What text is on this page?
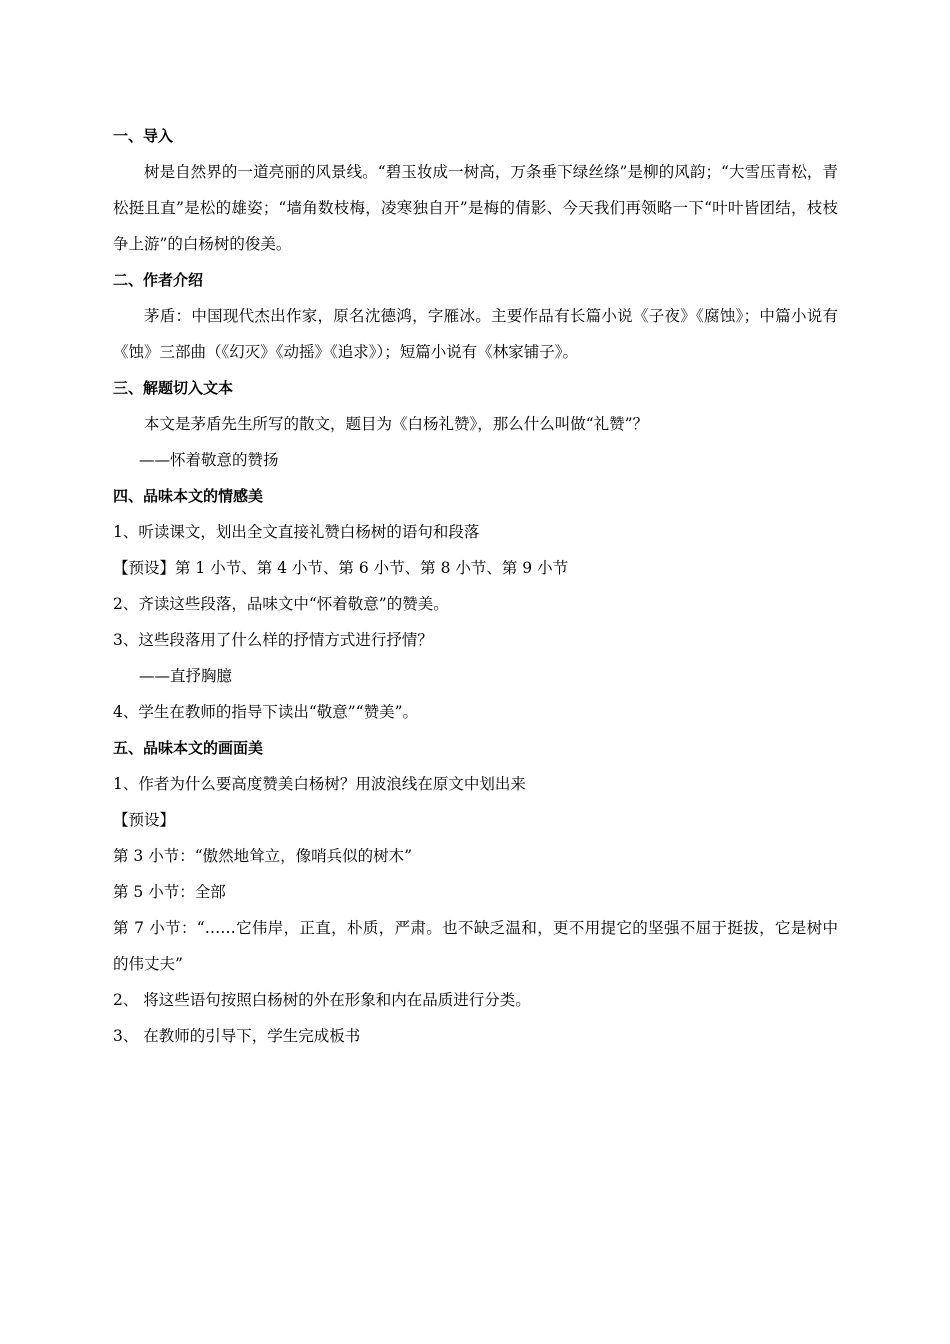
一、导入
树是自然界的一道亮丽的风景线。“碧玉妆成一树高，万条垂下绿丝绦”是柳的风韵；“大雪压青松，青松挺且直”是松的雄姿；“墙角数枝梅，凌寒独自开”是梅的倩影、今天我们再领略一下“叶叶皆团结，枝枝争上游”的白杨树的俊美。
二、作者介绍
茅盾：中国现代杰出作家，原名沈德鸿，字雁冰。主要作品有长篇小说《子夜》《腐蚀》；中篇小说有《蚀》三部曲（《幻灭》《动摇》《追求》）；短篇小说有《林家铺子》。
三、解题切入文本
本文是茅盾先生所写的散文，题目为《白杨礼赞》，那么什么叫做“礼赞”？
——怀着敬意的赞扬
四、品味本文的情感美
1、听读课文，划出全文直接礼赞白杨树的语句和段落
【预设】第 1 小节、第 4 小节、第 6 小节、第 8 小节、第 9 小节
2、齐读这些段落，品味文中“怀着敬意”的赞美。
3、这些段落用了什么样的抒情方式进行抒情？
——直抒胸臆
4、学生在教师的指导下读出“敬意”“赞美”。
五、品味本文的画面美
1、作者为什么要高度赞美白杨树？用波浪线在原文中划出来
【预设】
第 3 小节：“傲然地耸立，像哨兵似的树木”
第 5 小节：全部
第 7 小节：“……它伟岸，正直，朴质，严肃。也不缺乏温和，更不用提它的坚强不屈于挺拔，它是树中的伟丈夫”
2、 将这些语句按照白杨树的外在形象和内在品质进行分类。
3、 在教师的引导下，学生完成板书
